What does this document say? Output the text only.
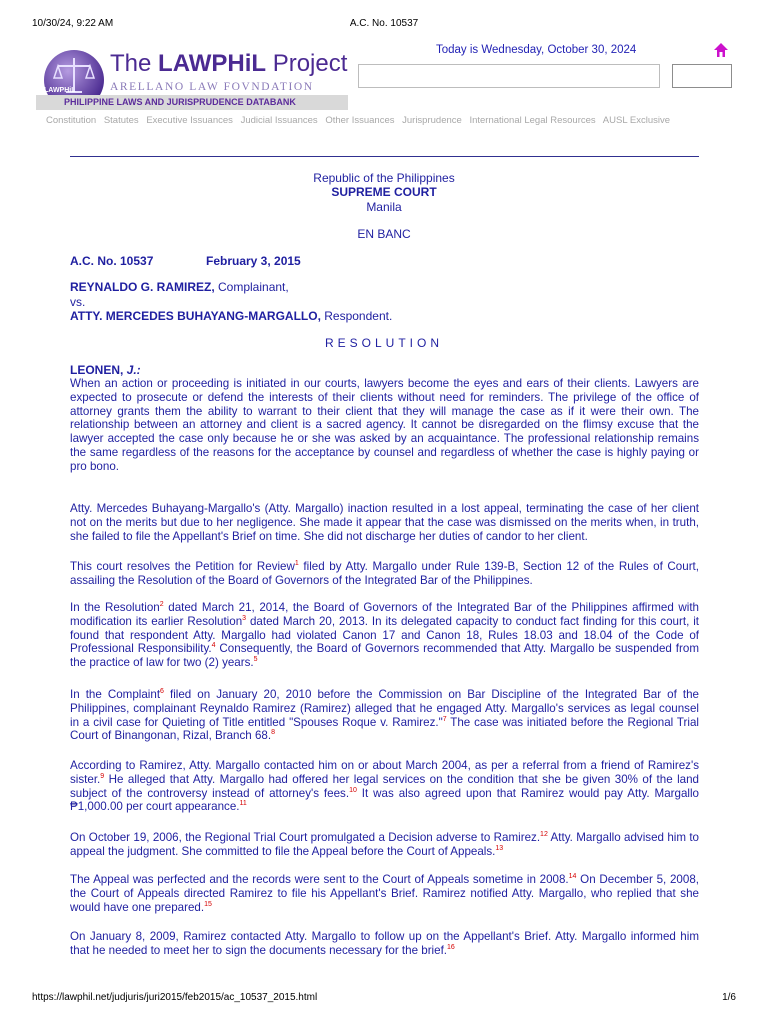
10/30/24, 9:22 AM	A.C. No. 10537
LAWPHiL
The LAWPHiL Project
ARELLANO LAW FOVNDATION
PHILIPPINE LAWS AND JURISPRUDENCE DATABANK
Today is Wednesday, October 30, 2024
Constitution Statutes Executive Issuances Judicial Issuances Other Issuances Jurisprudence International Legal Resources AUSL Exclusive
Republic of the Philippines
SUPREME COURT
Manila
EN BANC
A.C. No. 10537	February 3, 2015
REYNALDO G. RAMIREZ, Complainant,
vs.
ATTY. MERCEDES BUHAYANG-MARGALLO, Respondent.
RESOLUTION
LEONEN, J.:

When an action or proceeding is initiated in our courts, lawyers become the eyes and ears of their clients. Lawyers are expected to prosecute or defend the interests of their clients without need for reminders. The privilege of the office of attorney grants them the ability to warrant to their client that they will manage the case as if it were their own. The relationship between an attorney and client is a sacred agency. It cannot be disregarded on the flimsy excuse that the lawyer accepted the case only because he or she was asked by an acquaintance. The professional relationship remains the same regardless of the reasons for the acceptance by counsel and regardless of whether the case is highly paying or pro bono.

Atty. Mercedes Buhayang-Margallo's (Atty. Margallo) inaction resulted in a lost appeal, terminating the case of her client not on the merits but due to her negligence. She made it appear that the case was dismissed on the merits when, in truth, she failed to file the Appellant's Brief on time. She did not discharge her duties of candor to her client.

This court resolves the Petition for Review$^1$ filed by Atty. Margallo under Rule 139-B, Section 12 of the Rules of Court, assailing the Resolution of the Board of Governors of the Integrated Bar of the Philippines.

In the Resolution$^2$ dated March 21, 2014, the Board of Governors of the Integrated Bar of the Philippines affirmed with modification its earlier Resolution$^3$ dated March 20, 2013. In its delegated capacity to conduct fact finding for this court, it found that respondent Atty. Margallo had violated Canon 17 and Canon 18, Rules 18.03 and 18.04 of the Code of Professional Responsibility.$^4$ Consequently, the Board of Governors recommended that Atty. Margallo be suspended from the practice of law for two (2) years.$^5$

In the Complaint$^6$ filed on January 20, 2010 before the Commission on Bar Discipline of the Integrated Bar of the Philippines, complainant Reynaldo Ramirez (Ramirez) alleged that he engaged Atty. Margallo's services as legal counsel in a civil case for Quieting of Title entitled "Spouses Roque v. Ramirez."$^7$ The case was initiated before the Regional Trial Court of Binangonan, Rizal, Branch 68.$^8$

According to Ramirez, Atty. Margallo contacted him on or about March 2004, as per a referral from a friend of Ramirez's sister.$^9$ He alleged that Atty. Margallo had offered her legal services on the condition that she be given 30% of the land subject of the controversy instead of attorney's fees.$^{10}$ It was also agreed upon that Ramirez would pay Atty. Margallo ₱1,000.00 per court appearance.$^{11}$

On October 19, 2006, the Regional Trial Court promulgated a Decision adverse to Ramirez.$^{12}$ Atty. Margallo advised him to appeal the judgment. She committed to file the Appeal before the Court of Appeals.$^{13}$

The Appeal was perfected and the records were sent to the Court of Appeals sometime in 2008.14 On December 5, 2008, the Court of Appeals directed Ramirez to file his Appellant's Brief. Ramirez notified Atty. Margallo, who replied that she would have one prepared.$^{15}$

On January 8, 2009, Ramirez contacted Atty. Margallo to follow up on the Appellant's Brief. Atty. Margallo informed him that he needed to meet her to sign the documents necessary for the brief.$^{16}$

https://lawphil.net/judjuris/juri2015/feb2015/ac_10537_2015.html	1/6
